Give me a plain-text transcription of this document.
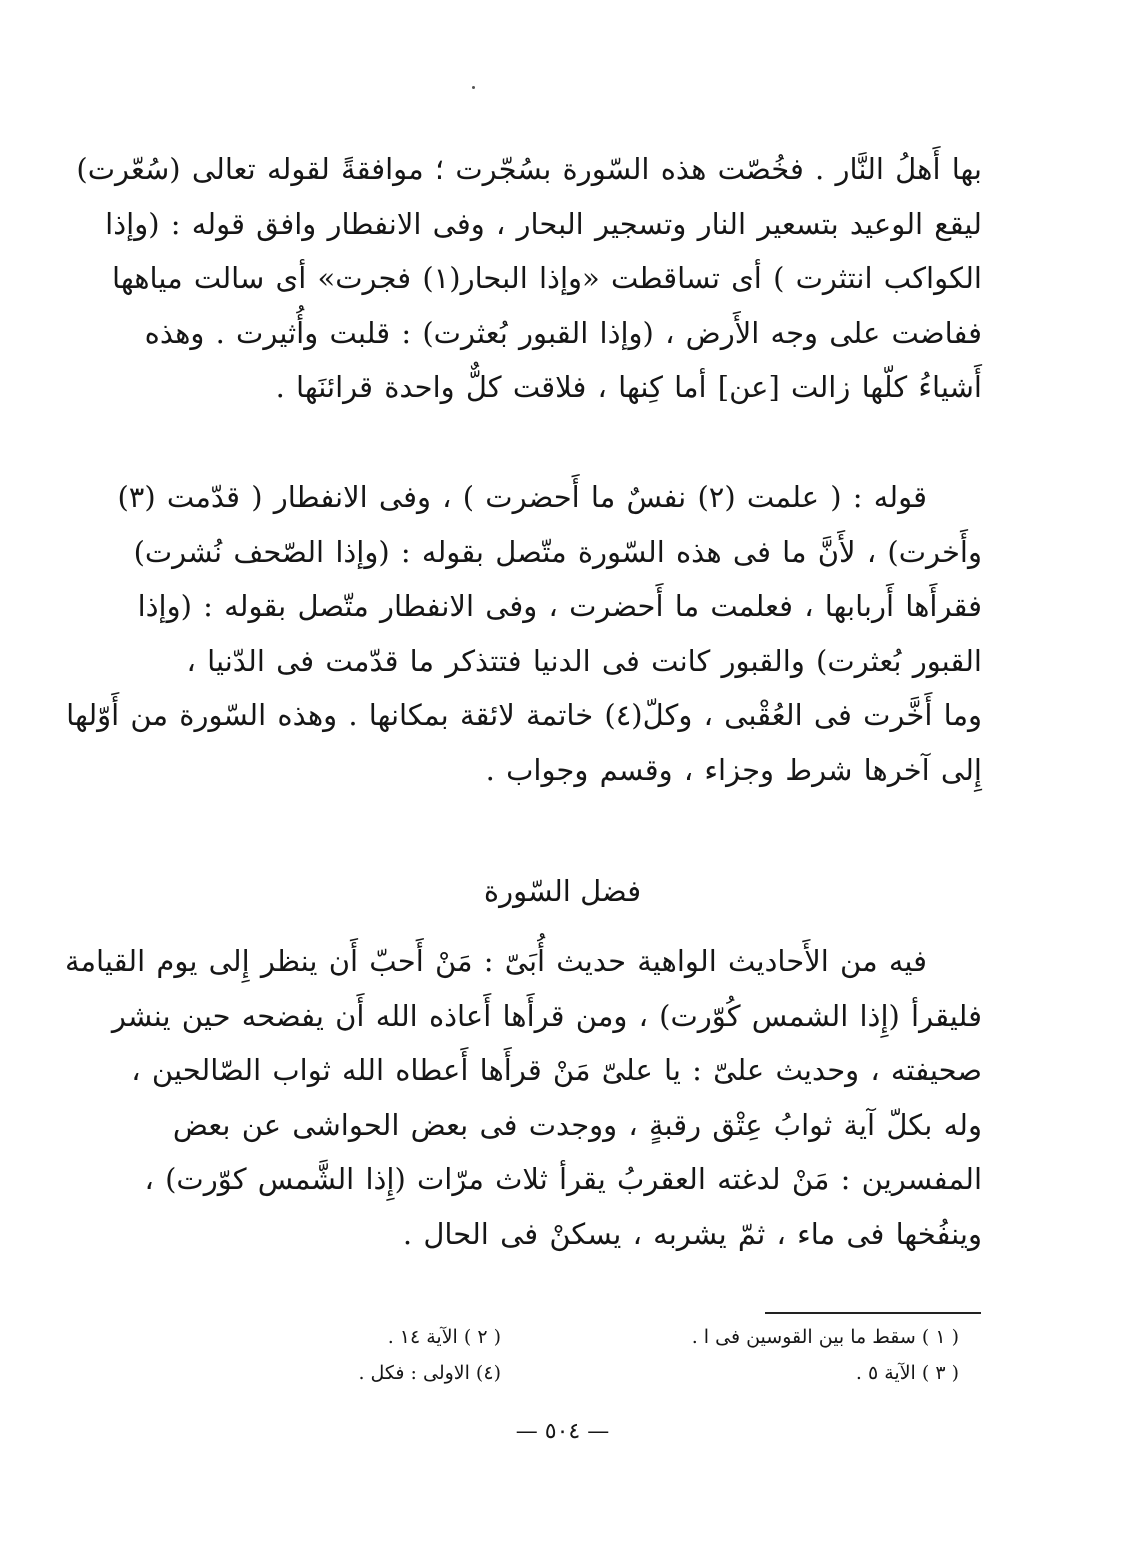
بها أَهلُ النَّار . فخُصّت هذه السّورة بسُجّرت ؛ موافقةً لقوله تعالى (سُعّرت)
ليقع الوعيد بتسعير النار وتسجير البحار ، وفى الانفطار وافق قوله : (وإذا
الكواكب انتثرت ) أى تساقطت «وإذا البحار(١) فجرت» أى سالت مياهها
ففاضت على وجه الأَرض ، (وإذا القبور بُعثرت) : قلبت وأُثيرت . وهذه
أَشياءُ كلّها زالت [عن] أما كِنها ، فلاقت كلٌّ واحدة قرائنَها .
قوله : ( علمت (٢) نفسٌ ما أَحضرت ) ، وفى الانفطار ( قدّمت (٣)
وأَخرت) ، لأَنَّ ما فى هذه السّورة متّصل بقوله : (وإذا الصّحف نُشرت)
فقرأَها أَربابها ، فعلمت ما أَحضرت ، وفى الانفطار متّصل بقوله : (وإذا
القبور بُعثرت) والقبور كانت فى الدنيا فتتذكر ما قدّمت فى الدّنيا ،
وما أَخَّرت فى العُقْبى ، وكلّ(٤) خاتمة لائقة بمكانها . وهذه السّورة من أَوّلها
إِلى آخرها شرط وجزاء ، وقسم وجواب .
فضل السّورة
فيه من الأَحاديث الواهية حديث أُبَىّ : مَنْ أَحبّ أَن ينظر إِلى يوم القيامة
فليقرأ (إِذا الشمس كُوّرت) ، ومن قرأَها أَعاذه الله أَن يفضحه حين ينشر
صحيفته ، وحديث علىّ : يا علىّ مَنْ قرأَها أَعطاه الله ثواب الصّالحين ،
وله بكلّ آية ثوابُ عِتْق رقبةٍ ، ووجدت فى بعض الحواشى عن بعض
المفسرين : مَنْ لدغته العقربُ يقرأ ثلاث مرّات (إِذا الشَّمس كوّرت) ،
وينفُخها فى ماء ، ثمّ يشربه ، يسكنْ فى الحال .
( ١ ) سقط ما بين القوسين فى ا .
( ٢ ) الآية ١٤ .
( ٣ ) الآية ٥ .
(٤) الاولى : فكل .
— ٥٠٤ —
